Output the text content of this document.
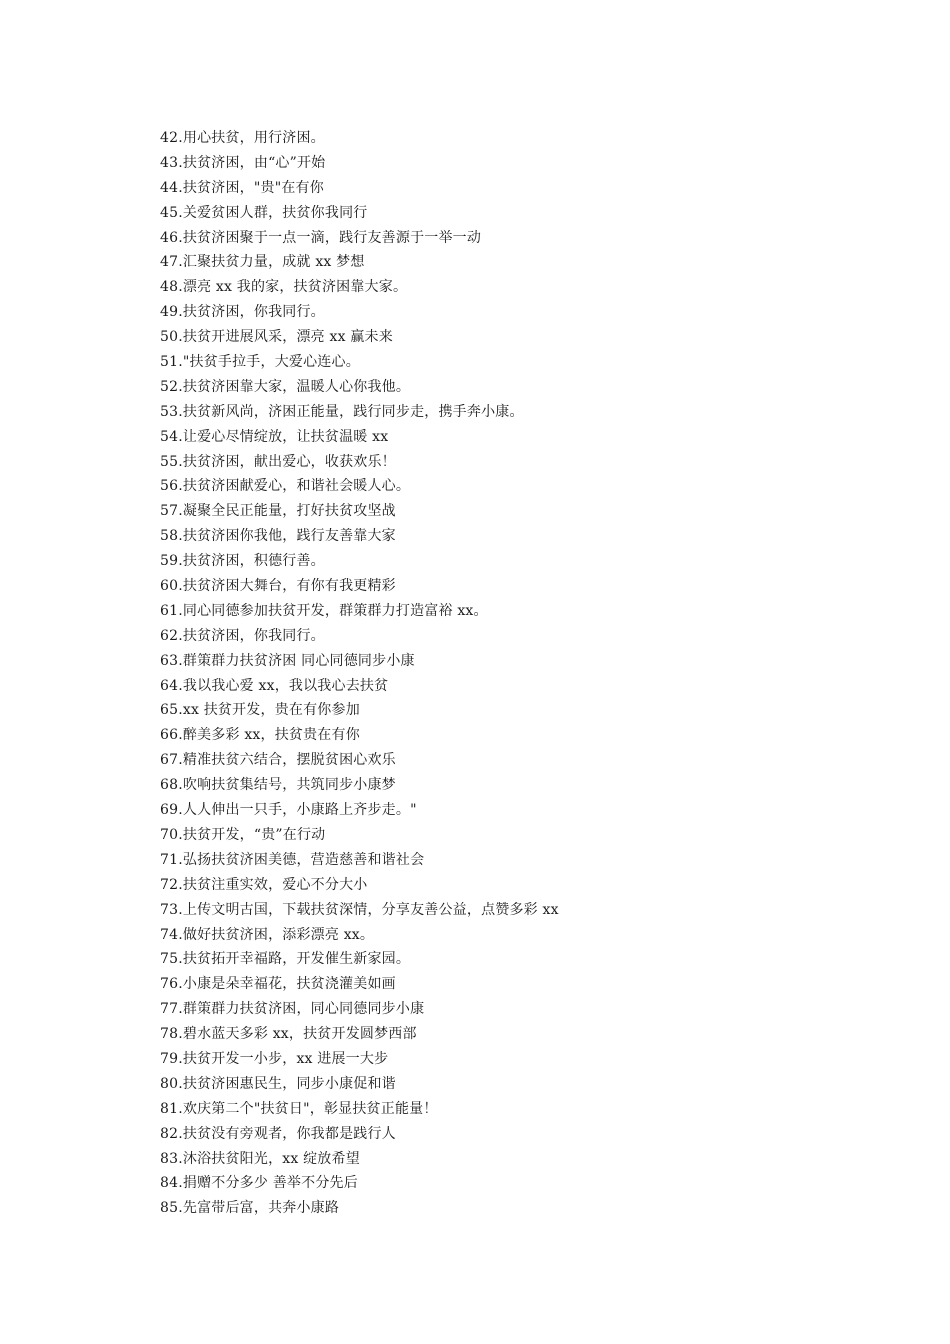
42.用心扶贫，用行济困。
43.扶贫济困，由“心”开始
44.扶贫济困，"贵"在有你
45.关爱贫困人群，扶贫你我同行
46.扶贫济困聚于一点一滴，践行友善源于一举一动
47.汇聚扶贫力量，成就 xx 梦想
48.漂亮 xx 我的家，扶贫济困靠大家。
49.扶贫济困，你我同行。
50.扶贫开进展风采，漂亮 xx 赢未来
51."扶贫手拉手，大爱心连心。
52.扶贫济困靠大家，温暖人心你我他。
53.扶贫新风尚，济困正能量，践行同步走，携手奔小康。
54.让爱心尽情绽放，让扶贫温暖 xx
55.扶贫济困，献出爱心，收获欢乐！
56.扶贫济困献爱心，和谐社会暖人心。
57.凝聚全民正能量，打好扶贫攻坚战
58.扶贫济困你我他，践行友善靠大家
59.扶贫济困，积德行善。
60.扶贫济困大舞台，有你有我更精彩
61.同心同德参加扶贫开发，群策群力打造富裕 xx。
62.扶贫济困，你我同行。
63.群策群力扶贫济困 同心同德同步小康
64.我以我心爱 xx，我以我心去扶贫
65.xx 扶贫开发，贵在有你参加
66.醉美多彩 xx，扶贫贵在有你
67.精准扶贫六结合，摆脱贫困心欢乐
68.吹响扶贫集结号，共筑同步小康梦
69.人人伸出一只手，小康路上齐步走。"
70.扶贫开发，“贵”在行动
71.弘扬扶贫济困美德，营造慈善和谐社会
72.扶贫注重实效，爱心不分大小
73.上传文明古国，下载扶贫深情，分享友善公益，点赞多彩 xx
74.做好扶贫济困，添彩漂亮 xx。
75.扶贫拓开幸福路，开发催生新家园。
76.小康是朵幸福花，扶贫浇灌美如画
77.群策群力扶贫济困，同心同德同步小康
78.碧水蓝天多彩 xx，扶贫开发圆梦西部
79.扶贫开发一小步，xx 进展一大步
80.扶贫济困惠民生，同步小康促和谐
81.欢庆第二个"扶贫日"，彰显扶贫正能量！
82.扶贫没有旁观者，你我都是践行人
83.沐浴扶贫阳光，xx 绽放希望
84.捐赠不分多少 善举不分先后
85.先富带后富，共奔小康路
